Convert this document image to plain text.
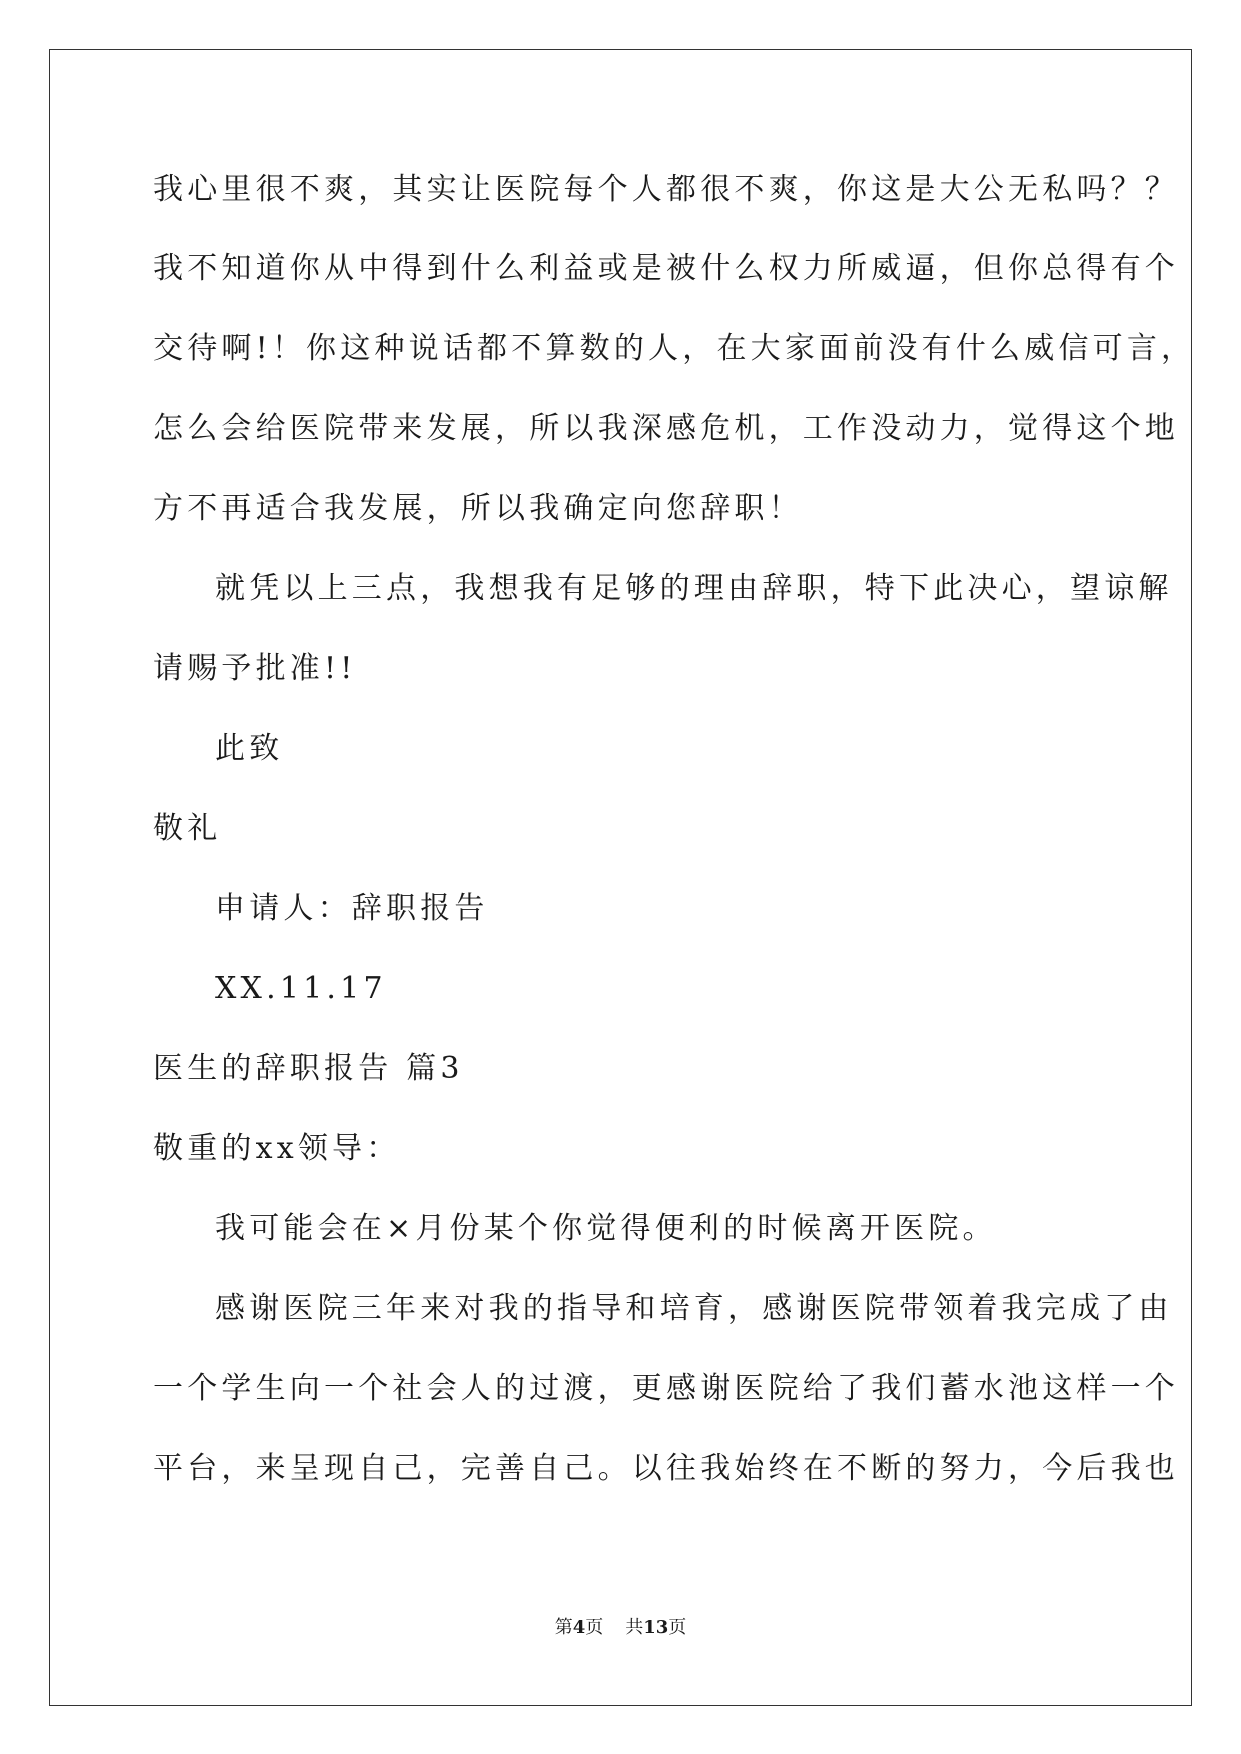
我心里很不爽，其实让医院每个人都很不爽，你这是大公无私吗？？
我不知道你从中得到什么利益或是被什么权力所威逼，但你总得有个
交待啊!！你这种说话都不算数的人，在大家面前没有什么威信可言，
怎么会给医院带来发展，所以我深感危机，工作没动力，觉得这个地
方不再适合我发展，所以我确定向您辞职！
就凭以上三点，我想我有足够的理由辞职，特下此决心，望谅解
请赐予批准!!
此致
敬礼
申请人：辞职报告
XX.11.17
医生的辞职报告 篇3
敬重的xx领导：
我可能会在×月份某个你觉得便利的时候离开医院。
感谢医院三年来对我的指导和培育，感谢医院带领着我完成了由
一个学生向一个社会人的过渡，更感谢医院给了我们蓄水池这样一个
平台，来呈现自己，完善自己。以往我始终在不断的努力，今后我也
第4页 共13页
